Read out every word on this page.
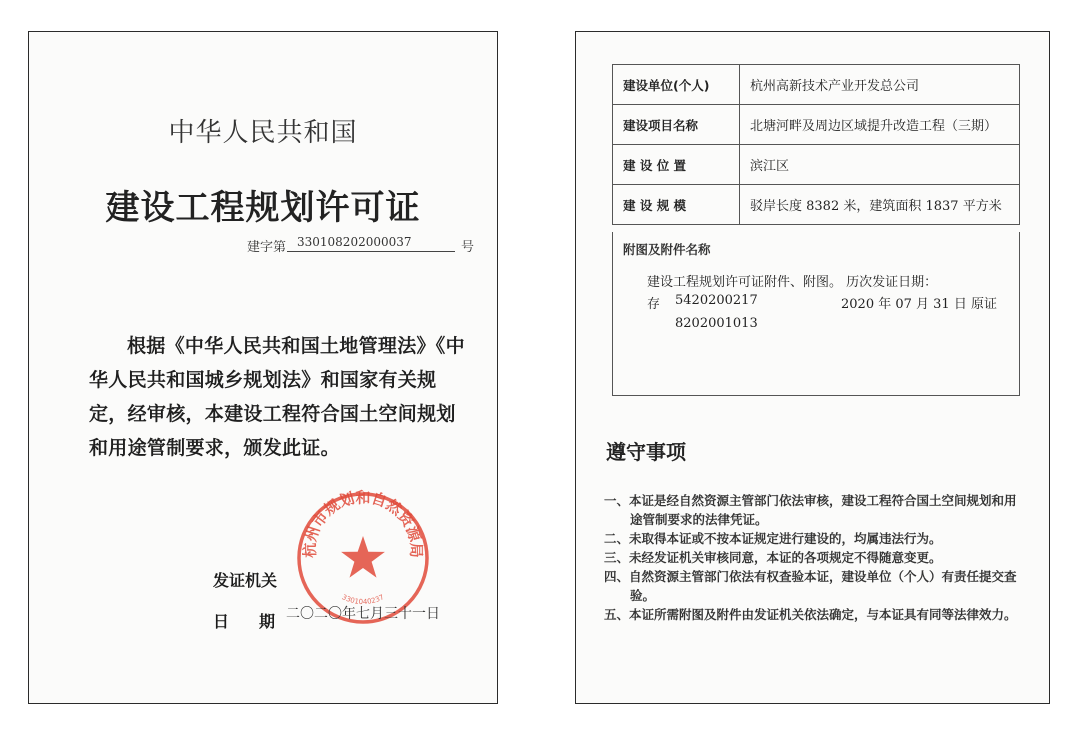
中华人民共和国
建设工程规划许可证
建字第 330108202000037	号
根据《中华人民共和国土地管理法》《中华人民共和国城乡规划法》和国家有关规定，经审核，本建设工程符合国土空间规划和用途管制要求，颁发此证。
发证机关
杭州市规划和自然资源局
3301040237
日期
二〇二〇年七月三十一日
建设单位(个人)	杭州高新技术产业开发总公司
建设项目名称	北塘河畔及周边区域提升改造工程（三期）
建 设 位 置	滨江区
建 设 规 模	驳岸长度 8382 米，建筑面积 1837 平方米
附图及附件名称
建设工程规划许可证附件、附图。 历次发证日期：
存 5420200217
8202001013
2020 年 07 月 31 日 原证
遵守事项
一、本证是经自然资源主管部门依法审核，建设工程符合国土空间规划和用途管制要求的法律凭证。
二、未取得本证或不按本证规定进行建设的，均属违法行为。
三、未经发证机关审核同意，本证的各项规定不得随意变更。
四、自然资源主管部门依法有权查验本证，建设单位（个人）有责任提交查验。
五、本证所需附图及附件由发证机关依法确定，与本证具有同等法律效力。
